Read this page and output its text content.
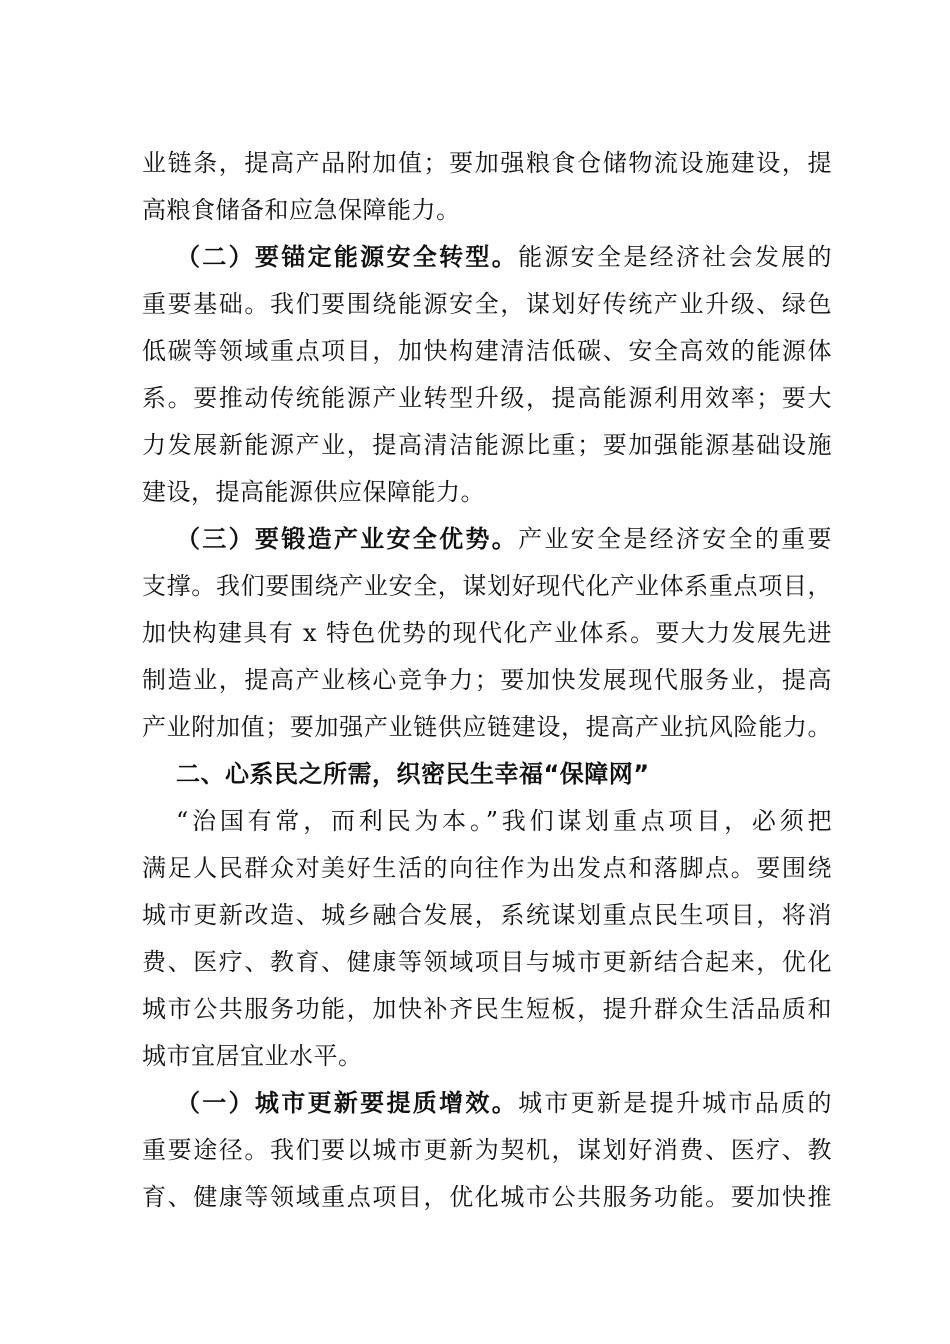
业链条，提高产品附加值；要加强粮食仓储物流设施建设，提
高粮食储备和应急保障能力。
（二）要锚定能源安全转型。能源安全是经济社会发展的
重要基础。我们要围绕能源安全，谋划好传统产业升级、绿色
低碳等领域重点项目，加快构建清洁低碳、安全高效的能源体
系。要推动传统能源产业转型升级，提高能源利用效率；要大
力发展新能源产业，提高清洁能源比重；要加强能源基础设施
建设，提高能源供应保障能力。
（三）要锻造产业安全优势。产业安全是经济安全的重要
支撑。我们要围绕产业安全，谋划好现代化产业体系重点项目，
加快构建具有 x 特色优势的现代化产业体系。要大力发展先进
制造业，提高产业核心竞争力；要加快发展现代服务业，提高
产业附加值；要加强产业链供应链建设，提高产业抗风险能力。
二、心系民之所需，织密民生幸福“保障网”
“治国有常，而利民为本。”我们谋划重点项目，必须把
满足人民群众对美好生活的向往作为出发点和落脚点。要围绕
城市更新改造、城乡融合发展，系统谋划重点民生项目，将消
费、医疗、教育、健康等领域项目与城市更新结合起来，优化
城市公共服务功能，加快补齐民生短板，提升群众生活品质和
城市宜居宜业水平。
（一）城市更新要提质增效。城市更新是提升城市品质的
重要途径。我们要以城市更新为契机，谋划好消费、医疗、教
育、健康等领域重点项目，优化城市公共服务功能。要加快推
